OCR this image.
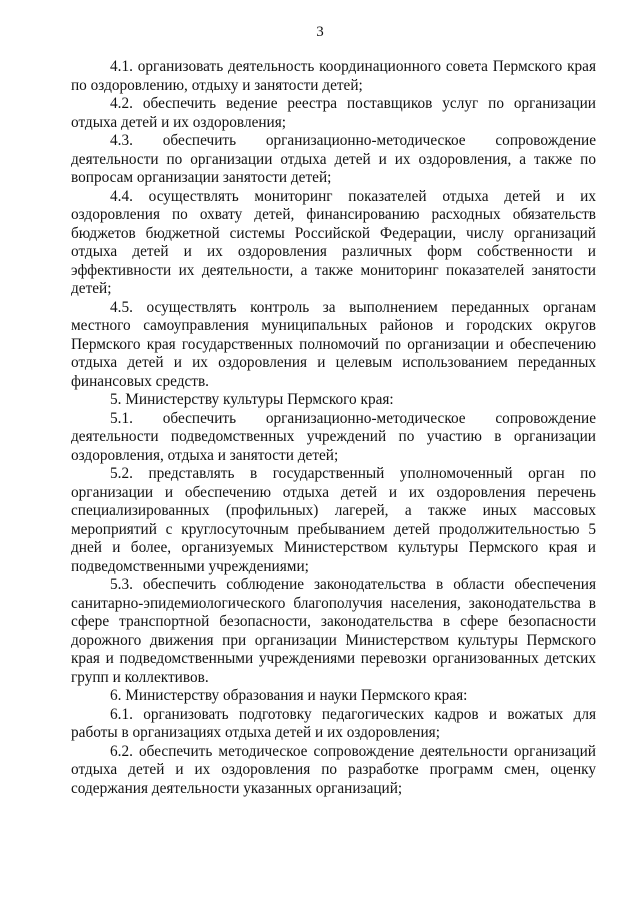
3

4.1. организовать деятельность координационного совета Пермского края по оздоровлению, отдыху и занятости детей;

4.2. обеспечить ведение реестра поставщиков услуг по организации отдыха детей и их оздоровления;

4.3. обеспечить организационно-методическое сопровождение деятельности по организации отдыха детей и их оздоровления, а также по вопросам организации занятости детей;

4.4. осуществлять мониторинг показателей отдыха детей и их оздоровления по охвату детей, финансированию расходных обязательств бюджетов бюджетной системы Российской Федерации, числу организаций отдыха детей и их оздоровления различных форм собственности и эффективности их деятельности, а также мониторинг показателей занятости детей;

4.5. осуществлять контроль за выполнением переданных органам местного самоуправления муниципальных районов и городских округов Пермского края государственных полномочий по организации и обеспечению отдыха детей и их оздоровления и целевым использованием переданных финансовых средств.

5. Министерству культуры Пермского края:

5.1. обеспечить организационно-методическое сопровождение деятельности подведомственных учреждений по участию в организации оздоровления, отдыха и занятости детей;

5.2. представлять в государственный уполномоченный орган по организации и обеспечению отдыха детей и их оздоровления перечень специализированных (профильных) лагерей, а также иных массовых мероприятий с круглосуточным пребыванием детей продолжительностью 5 дней и более, организуемых Министерством культуры Пермского края и подведомственными учреждениями;

5.3. обеспечить соблюдение законодательства в области обеспечения санитарно-эпидемиологического благополучия населения, законодательства в сфере транспортной безопасности, законодательства в сфере безопасности дорожного движения при организации Министерством культуры Пермского края и подведомственными учреждениями перевозки организованных детских групп и коллективов.

6. Министерству образования и науки Пермского края:

6.1. организовать подготовку педагогических кадров и вожатых для работы в организациях отдыха детей и их оздоровления;

6.2. обеспечить методическое сопровождение деятельности организаций отдыха детей и их оздоровления по разработке программ смен, оценку содержания деятельности указанных организаций;
